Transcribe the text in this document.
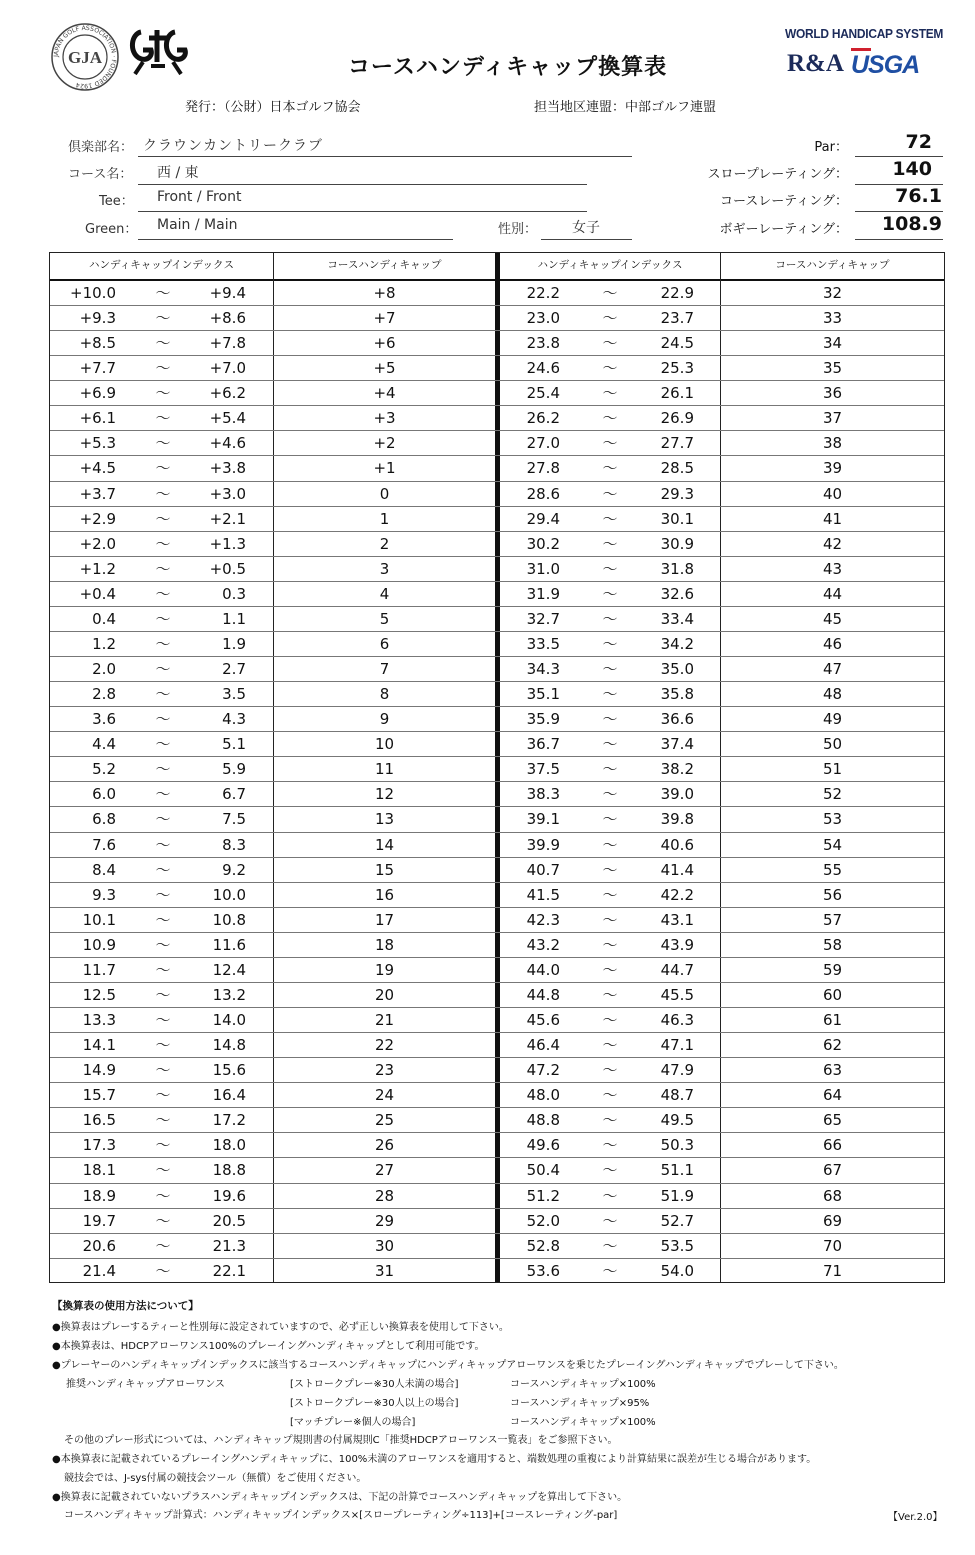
JAPAN GOLF ASSOCIATION · FOUNDED 1924
GJA
WORLD HANDICAP SYSTEM
R&A USGA
コースハンディキャップ換算表
発行：（公財）日本ゴルフ協会	担当地区連盟：中部ゴルフ連盟
倶楽部名： クラウンカントリークラブ
コース名： 西 / 東
Tee： Front / Front
Green： Main / Main	性別： 女子
Par：	72
スロープレーティング：	140
コースレーティング：	76.1
ボギーレーティング：	108.9
ハンディキャップインデックス	コースハンディキャップ	ハンディキャップインデックス	コースハンディキャップ
+10.0	～	+9.4	+8	22.2	～	22.9	32
+9.3	～	+8.6	+7	23.0	～	23.7	33
+8.5	～	+7.8	+6	23.8	～	24.5	34
+7.7	～	+7.0	+5	24.6	～	25.3	35
+6.9	～	+6.2	+4	25.4	～	26.1	36
+6.1	～	+5.4	+3	26.2	～	26.9	37
+5.3	～	+4.6	+2	27.0	～	27.7	38
+4.5	～	+3.8	+1	27.8	～	28.5	39
+3.7	～	+3.0	0	28.6	～	29.3	40
+2.9	～	+2.1	1	29.4	～	30.1	41
+2.0	～	+1.3	2	30.2	～	30.9	42
+1.2	～	+0.5	3	31.0	～	31.8	43
+0.4	～	0.3	4	31.9	～	32.6	44
0.4	～	1.1	5	32.7	～	33.4	45
1.2	～	1.9	6	33.5	～	34.2	46
2.0	～	2.7	7	34.3	～	35.0	47
2.8	～	3.5	8	35.1	～	35.8	48
3.6	～	4.3	9	35.9	～	36.6	49
4.4	～	5.1	10	36.7	～	37.4	50
5.2	～	5.9	11	37.5	～	38.2	51
6.0	～	6.7	12	38.3	～	39.0	52
6.8	～	7.5	13	39.1	～	39.8	53
7.6	～	8.3	14	39.9	～	40.6	54
8.4	～	9.2	15	40.7	～	41.4	55
9.3	～	10.0	16	41.5	～	42.2	56
10.1	～	10.8	17	42.3	～	43.1	57
10.9	～	11.6	18	43.2	～	43.9	58
11.7	～	12.4	19	44.0	～	44.7	59
12.5	～	13.2	20	44.8	～	45.5	60
13.3	～	14.0	21	45.6	～	46.3	61
14.1	～	14.8	22	46.4	～	47.1	62
14.9	～	15.6	23	47.2	～	47.9	63
15.7	～	16.4	24	48.0	～	48.7	64
16.5	～	17.2	25	48.8	～	49.5	65
17.3	～	18.0	26	49.6	～	50.3	66
18.1	～	18.8	27	50.4	～	51.1	67
18.9	～	19.6	28	51.2	～	51.9	68
19.7	～	20.5	29	52.0	～	52.7	69
20.6	～	21.3	30	52.8	～	53.5	70
21.4	～	22.1	31	53.6	～	54.0	71
【換算表の使用方法について】
●換算表はプレーするティーと性別毎に設定されていますので、必ず正しい換算表を使用して下さい。
●本換算表は、HDCPアローワンス100%のプレーイングハンディキャップとして利用可能です。
●プレーヤーのハンディキャップインデックスに該当するコースハンディキャップにハンディキャップアローワンスを乗じたプレーイングハンディキャップでプレーして下さい。
推奨ハンディキャップアローワンス	[ストロークプレー※30人未満の場合]	コースハンディキャップ×100%
[ストロークプレー※30人以上の場合]	コースハンディキャップ×95%
[マッチプレー※個人の場合]	コースハンディキャップ×100%
その他のプレー形式については、ハンディキャップ規則書の付属規則C「推奨HDCPアローワンス一覧表」をご参照下さい。
●本換算表に記載されているプレーイングハンディキャップに、100%未満のアローワンスを適用すると、端数処理の重複により計算結果に誤差が生じる場合があります。
競技会では、J-sys付属の競技会ツール（無償）をご使用ください。
●換算表に記載されていないプラスハンディキャップインデックスは、下記の計算でコースハンディキャップを算出して下さい。
コースハンディキャップ計算式：ハンディキャップインデックス×[スロープレーティング÷113]+[コースレーティング-par]	【Ver.2.0】
